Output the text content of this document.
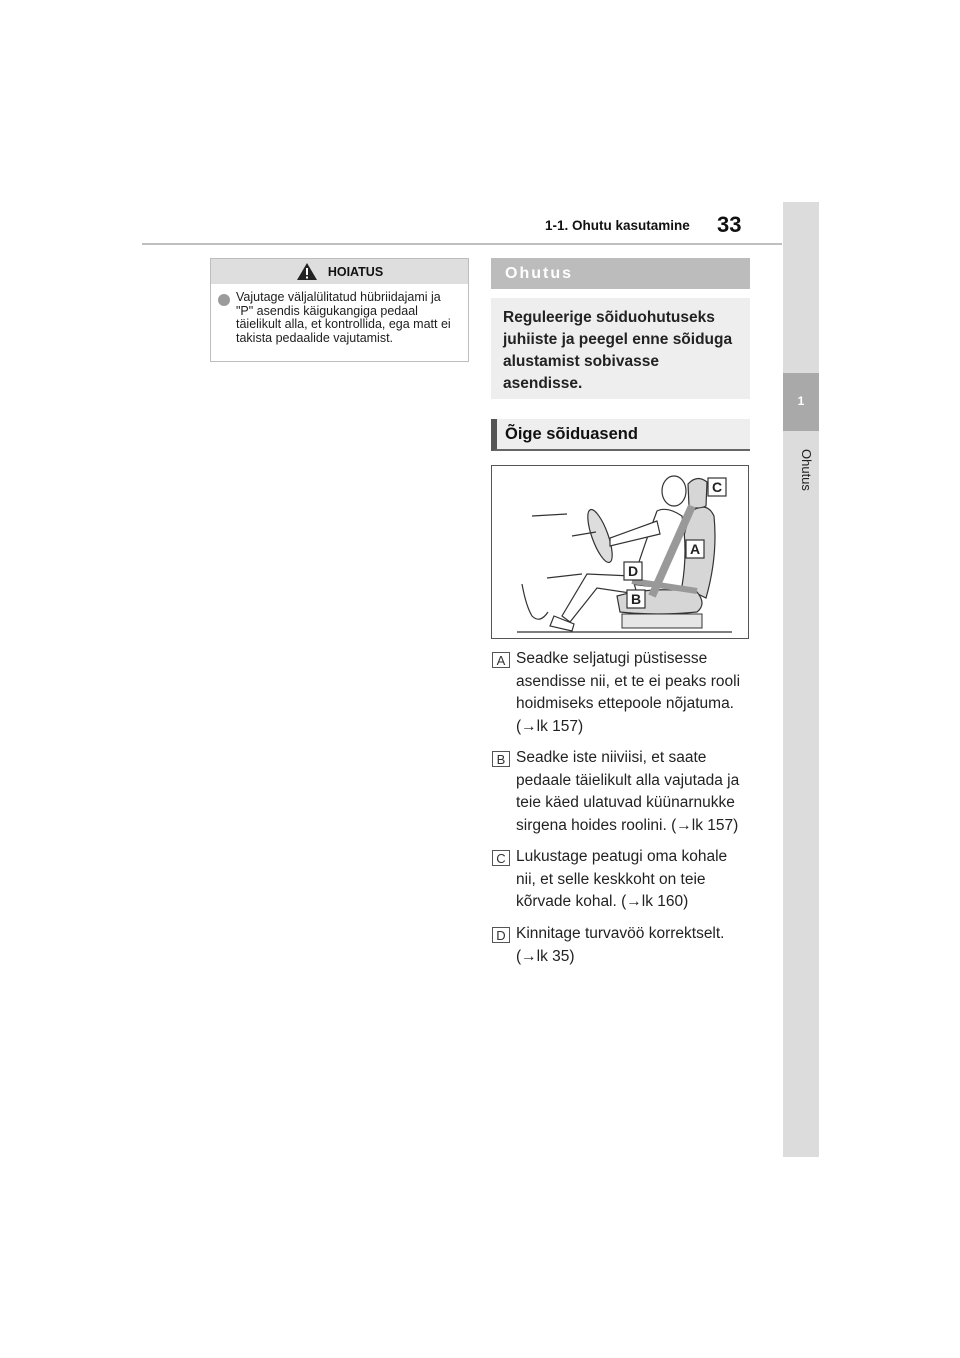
1-1. Ohutu kasutamine 33
1
Ohutus
HOIATUS
Vajutage väljalülitatud hübriidajami ja "P" asendis käigukangiga pedaal täielikult alla, et kontrollida, ega matt ei takista pedaalide vajutamist.
Ohutus
Reguleerige sõiduohutuseks juhiiste ja peegel enne sõiduga alustamist sobivasse asendisse.
Õige sõiduasend
C
A
D
B
A Seadke seljatugi püstisesse asendisse nii, et te ei peaks rooli hoidmiseks ettepoole nõjatuma. (→lk 157)
B Seadke iste niiviisi, et saate pedaale täielikult alla vajutada ja teie käed ulatuvad küünarnukke sirgena hoides roolini. (→lk 157)
C Lukustage peatugi oma kohale nii, et selle keskkoht on teie kõrvade kohal. (→lk 160)
D Kinnitage turvavöö korrektselt. (→lk 35)
